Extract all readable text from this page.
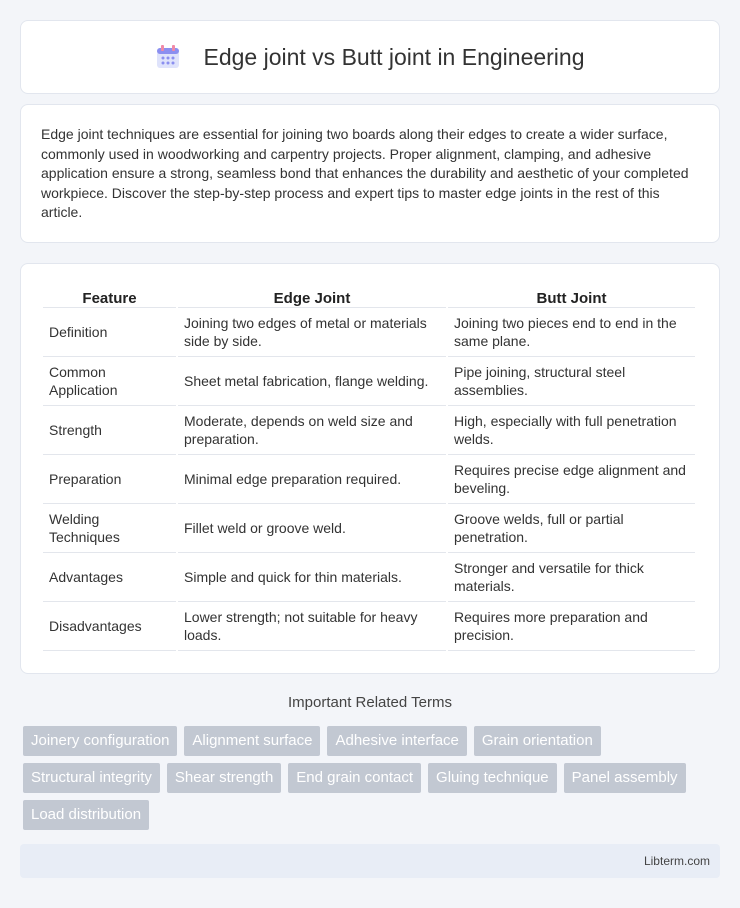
Edge joint vs Butt joint in Engineering

Edge joint techniques are essential for joining two boards along their edges to create a wider surface, commonly used in woodworking and carpentry projects. Proper alignment, clamping, and adhesive application ensure a strong, seamless bond that enhances the durability and aesthetic of your completed workpiece. Discover the step-by-step process and expert tips to master edge joints in the rest of this article.

Feature	Edge Joint	Butt Joint
Definition	Joining two edges of metal or materials side by side.	Joining two pieces end to end in the same plane.
Common Application	Sheet metal fabrication, flange welding.	Pipe joining, structural steel assemblies.
Strength	Moderate, depends on weld size and preparation.	High, especially with full penetration welds.
Preparation	Minimal edge preparation required.	Requires precise edge alignment and beveling.
Welding Techniques	Fillet weld or groove weld.	Groove welds, full or partial penetration.
Advantages	Simple and quick for thin materials.	Stronger and versatile for thick materials.
Disadvantages	Lower strength; not suitable for heavy loads.	Requires more preparation and precision.
Important Related Terms
Joinery configuration	Alignment surface	Adhesive interface	Grain orientation
Structural integrity	Shear strength	End grain contact	Gluing technique	Panel assembly
Load distribution
Libterm.com
